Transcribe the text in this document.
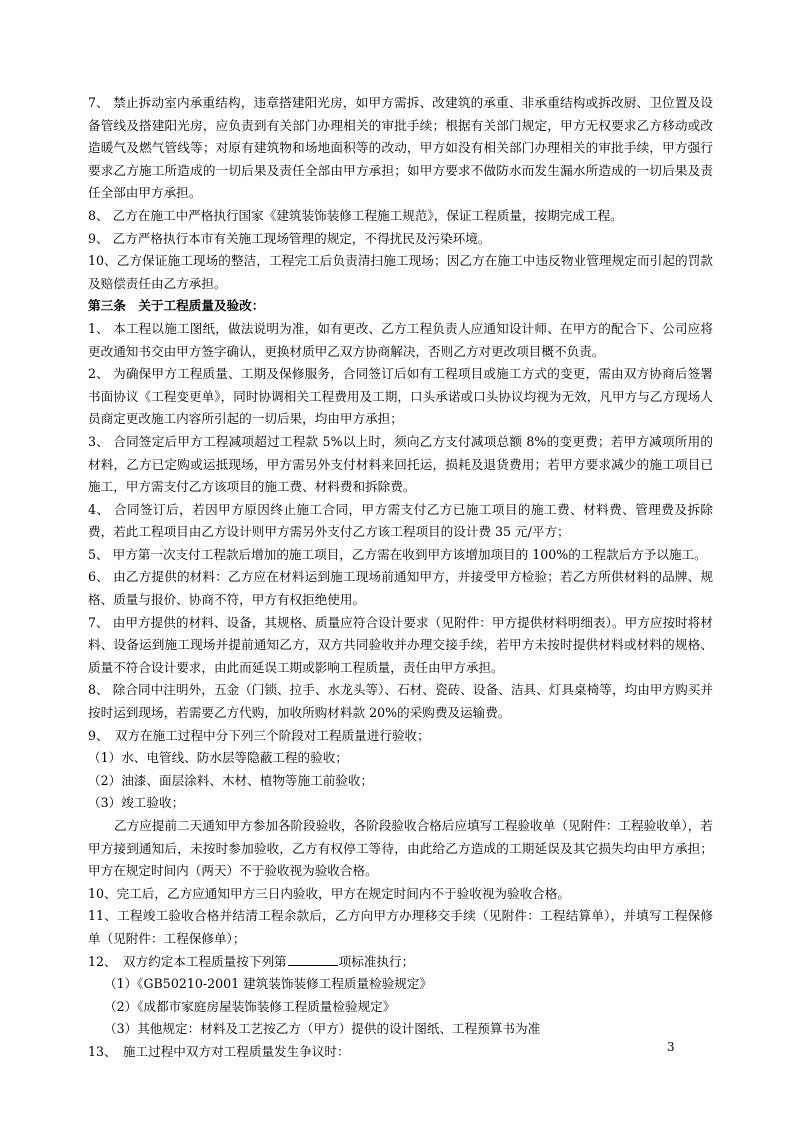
7、 禁止拆动室内承重结构，违章搭建阳光房，如甲方需拆、改建筑的承重、非承重结构或拆改厨、卫位置及设备管线及搭建阳光房，应负责到有关部门办理相关的审批手续；根据有关部门规定，甲方无权要求乙方移动或改造暖气及燃气管线等；对原有建筑物和场地面积等的改动，甲方如没有相关部门办理相关的审批手续，甲方强行要求乙方施工所造成的一切后果及责任全部由甲方承担；如甲方要求不做防水而发生漏水所造成的一切后果及责任全部由甲方承担。

8、 乙方在施工中严格执行国家《建筑装饰装修工程施工规范》，保证工程质量，按期完成工程。

9、 乙方严格执行本市有关施工现场管理的规定，不得扰民及污染环境。

10、乙方保证施工现场的整洁，工程完工后负责清扫施工现场；因乙方在施工中违反物业管理规定而引起的罚款及赔偿责任由乙方承担。

第三条　关于工程质量及验改：

1、 本工程以施工图纸，做法说明为准，如有更改、乙方工程负责人应通知设计师、在甲方的配合下、公司应将更改通知书交由甲方签字确认，更换材质甲乙双方协商解决，否则乙方对更改项目概不负责。

2、 为确保甲方工程质量、工期及保修服务，合同签订后如有工程项目或施工方式的变更，需由双方协商后签署书面协议《工程变更单》，同时协调相关工程费用及工期，口头承诺或口头协议均视为无效，凡甲方与乙方现场人员商定更改施工内容所引起的一切后果，均由甲方承担；

3、 合同签定后甲方工程减项超过工程款 5%以上时，须向乙方支付减项总额 8%的变更费；若甲方减项所用的材料，乙方已定购或运抵现场，甲方需另外支付材料来回托运，损耗及退货费用；若甲方要求减少的施工项目已施工，甲方需支付乙方该项目的施工费、材料费和拆除费。

4、 合同签订后，若因甲方原因终止施工合同，甲方需支付乙方已施工项目的施工费、材料费、管理费及拆除费，若此工程项目由乙方设计则甲方需另外支付乙方该工程项目的设计费 35 元/平方；

5、 甲方第一次支付工程款后增加的施工项目，乙方需在收到甲方该增加项目的 100%的工程款后方予以施工。

6、 由乙方提供的材料：乙方应在材料运到施工现场前通知甲方，并接受甲方检验；若乙方所供材料的品牌、规格、质量与报价、协商不符，甲方有权拒绝使用。

7、 由甲方提供的材料、设备，其规格、质量应符合设计要求（见附件：甲方提供材料明细表）。甲方应按时将材料、设备运到施工现场并提前通知乙方，双方共同验收并办理交接手续，若甲方未按时提供材料或材料的规格、质量不符合设计要求，由此而延误工期或影响工程质量，责任由甲方承担。

8、 除合同中注明外，五金（门锁、拉手、水龙头等）、石材、瓷砖、设备、洁具、灯具桌椅等，均由甲方购买并按时运到现场，若需要乙方代购，加收所购材料款 20%的采购费及运输费。

9、　双方在施工过程中分下列三个阶段对工程质量进行验收；

（1）水、电管线、防水层等隐蔽工程的验收；

（2）油漆、面层涂料、木材、植物等施工前验收；

（3）竣工验收；

乙方应提前二天通知甲方参加各阶段验收，各阶段验收合格后应填写工程验收单（见附件：工程验收单），若甲方接到通知后，未按时参加验收，乙方有权停工等待，由此给乙方造成的工期延误及其它损失均由甲方承担；甲方在规定时间内（两天）不于验收视为验收合格。

10、完工后，乙方应通知甲方三日内验收，甲方在规定时间内不于验收视为验收合格。

11、工程竣工验收合格并结清工程余款后，乙方向甲方办理移交手续（见附件：工程结算单），并填写工程保修单（见附件：工程保修单）；

12、　双方约定本工程质量按下列第	项标准执行；

（1）《GB50210-2001 建筑装饰装修工程质量检验规定》

（2）《成都市家庭房屋装饰装修工程质量检验规定》

（3）其他规定：材料及工艺按乙方（甲方）提供的设计图纸、工程预算书为准

13、　施工过程中双方对工程质量发生争议时：	3
